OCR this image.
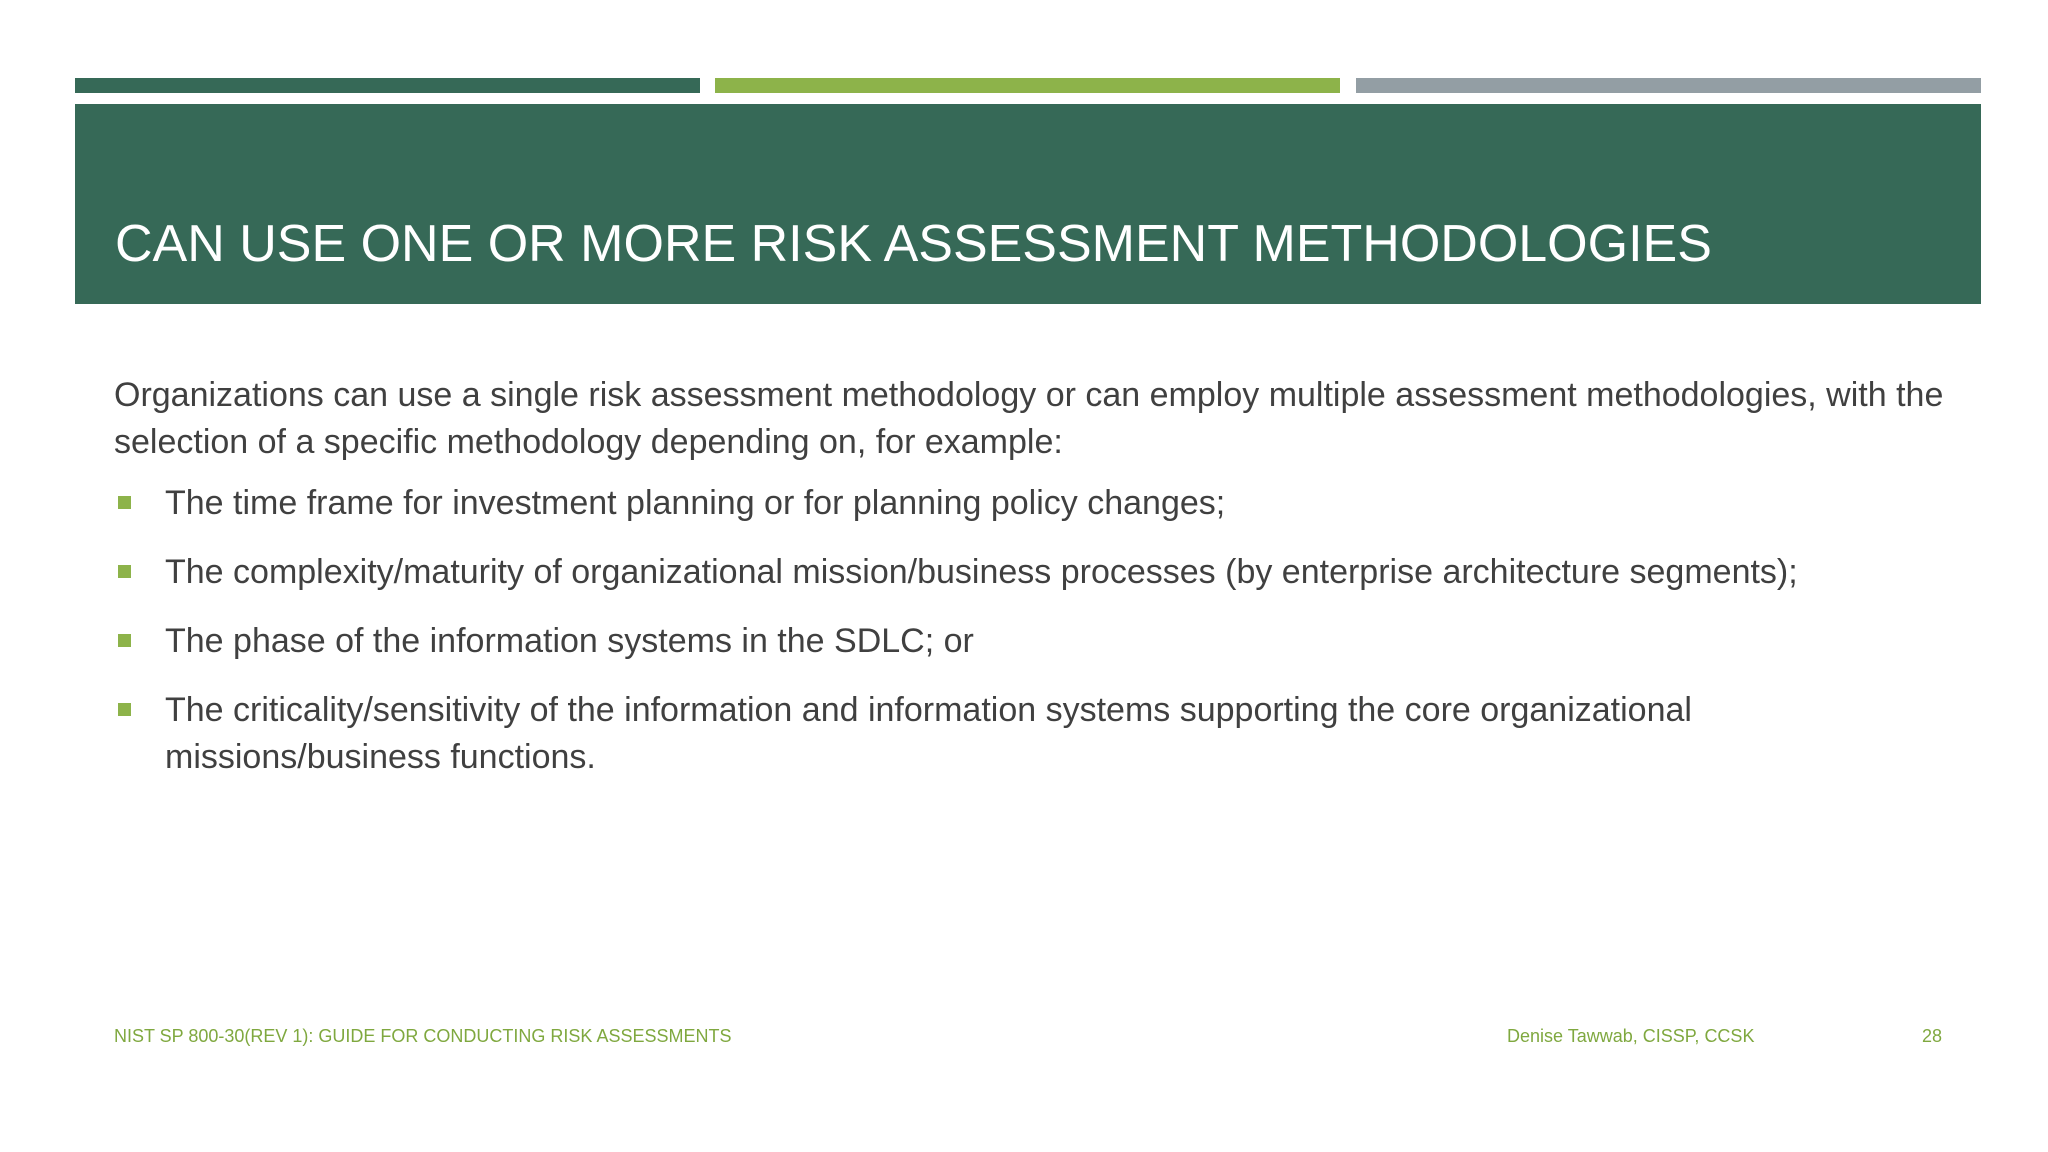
CAN USE ONE OR MORE RISK ASSESSMENT METHODOLOGIES

Organizations can use a single risk assessment methodology or can employ multiple assessment methodologies, with the selection of a specific methodology depending on, for example:

The time frame for investment planning or for planning policy changes;
The complexity/maturity of organizational mission/business processes (by enterprise architecture segments);
The phase of the information systems in the SDLC; or
The criticality/sensitivity of the information and information systems supporting the core organizational missions/business functions.
NIST SP 800-30(REV 1): GUIDE FOR CONDUCTING RISK ASSESSMENTS	Denise Tawwab, CISSP, CCSK	28
